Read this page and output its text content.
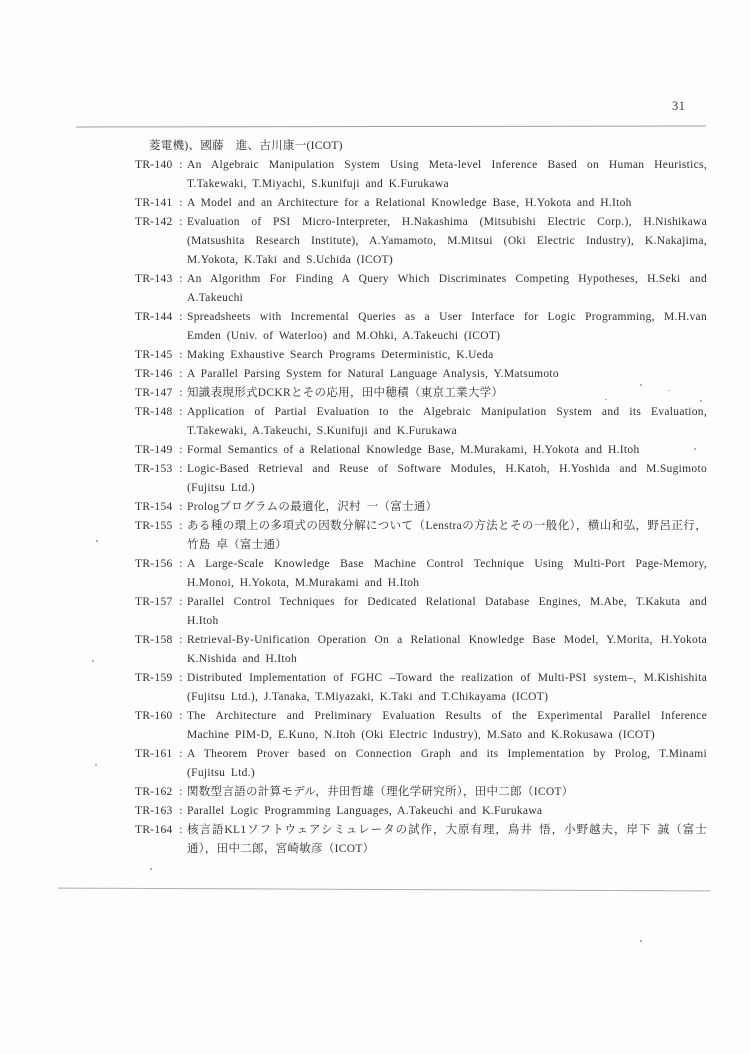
31

菱電機)、國藤　進、古川康一(ICOT)

TR-140 : An Algebraic Manipulation System Using Meta-level Inference Based on Human Heuristics, T.Takewaki, T.Miyachi, S.kunifuji and K.Furukawa
TR-141 : A Model and an Architecture for a Relational Knowledge Base, H.Yokota and H.Itoh
TR-142 : Evaluation of PSI Micro-Interpreter, H.Nakashima (Mitsubishi Electric Corp.), H.Nishikawa (Matsushita Research Institute), A.Yamamoto, M.Mitsui (Oki Electric Industry), K.Nakajima, M.Yokota, K.Taki and S.Uchida (ICOT)
TR-143 : An Algorithm For Finding A Query Which Discriminates Competing Hypotheses, H.Seki and A.Takeuchi
TR-144 : Spreadsheets with Incremental Queries as a User Interface for Logic Programming, M.H.van Emden (Univ. of Waterloo) and M.Ohki, A.Takeuchi (ICOT)
TR-145 : Making Exhaustive Search Programs Deterministic, K.Ueda
TR-146 : A Parallel Parsing System for Natural Language Analysis, Y.Matsumoto
TR-147 : 知識表現形式DCKRとその応用，田中穂積（東京工業大学）
TR-148 : Application of Partial Evaluation to the Algebraic Manipulation System and its Evaluation, T.Takewaki, A.Takeuchi, S.Kunifuji and K.Furukawa
TR-149 : Formal Semantics of a Relational Knowledge Base, M.Murakami, H.Yokota and H.Itoh
TR-153 : Logic-Based Retrieval and Reuse of Software Modules, H.Katoh, H.Yoshida and M.Sugimoto (Fujitsu Ltd.)
TR-154 : Prologプログラムの最適化，沢村 一（富士通）
TR-155 : ある種の環上の多項式の因数分解について（Lenstraの方法とその一般化），横山和弘，野呂正行，竹島 卓（富士通）
TR-156 : A Large-Scale Knowledge Base Machine Control Technique Using Multi-Port Page-Memory, H.Monoi, H.Yokota, M.Murakami and H.Itoh
TR-157 : Parallel Control Techniques for Dedicated Relational Database Engines, M.Abe, T.Kakuta and H.Itoh
TR-158 : Retrieval-By-Unification Operation On a Relational Knowledge Base Model, Y.Morita, H.Yokota K.Nishida and H.Itoh
TR-159 : Distributed Implementation of FGHC –Toward the realization of Multi-PSI system–, M.Kishishita (Fujitsu Ltd.), J.Tanaka, T.Miyazaki, K.Taki and T.Chikayama (ICOT)
TR-160 : The Architecture and Preliminary Evaluation Results of the Experimental Parallel Inference Machine PIM-D, E.Kuno, N.Itoh (Oki Electric Industry), M.Sato and K.Rokusawa (ICOT)
TR-161 : A Theorem Prover based on Connection Graph and its Implementation by Prolog, T.Minami (Fujitsu Ltd.)
TR-162 : 関数型言語の計算モデル，井田哲雄（理化学研究所），田中二郎（ICOT）
TR-163 : Parallel Logic Programming Languages, A.Takeuchi and K.Furukawa
TR-164 : 核言語KL1ソフトウェアシミュレータの試作，大原有理，鳥井 悟，小野越夫，岸下 誠（富士通），田中二郎，宮崎敏彦（ICOT）
